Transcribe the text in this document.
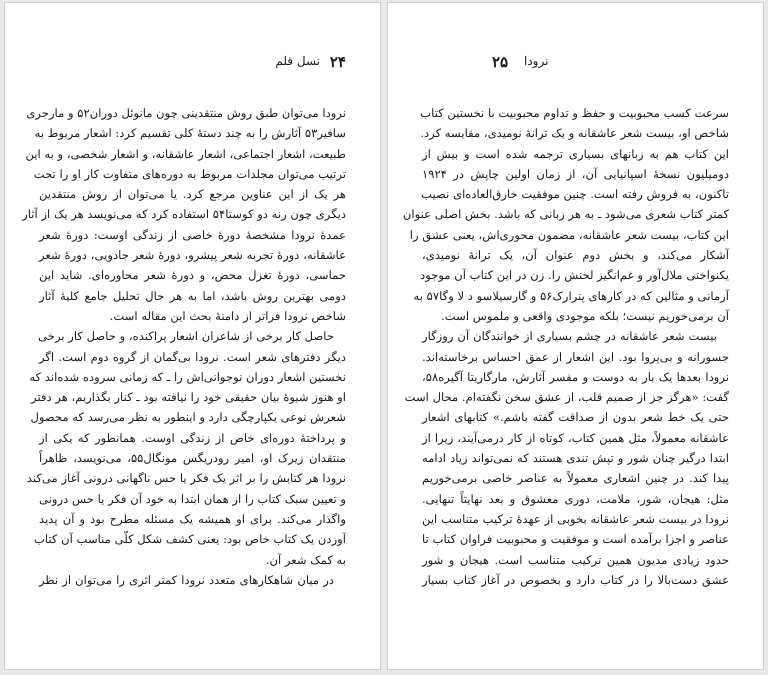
۲۴
نسل قلم
نرودا می‌توان طبق روش منتقدینی چون مانوئل دوران۵۲ و مارجری
سافیر۵۳ آثارش را به چند دستهٔ کلی تقسیم کرد: اشعار مربوط به
طبیعت، اشعار اجتماعی، اشعار عاشقانه، و اشعار شخصی، و به این
ترتیب می‌توان مجلدات مربوط به دوره‌های متفاوت کار او را تحت
هر یک از این عناوین مرجع کرد. یا می‌توان از روش منتقدین
دیگری چون رنه دو کوستا۵۴ استفاده کرد که می‌نویسد هر یک از آثار
عمدهٔ نرودا مشخصهٔ دورهٔ خاصی از زندگی اوست: دورهٔ شعر
عاشقانه، دورهٔ تجربه شعر پیشرو، دورهٔ شعر جادویی، دورهٔ شعر
حماسی، دورهٔ تغزل محض، و دورهٔ شعر محاوره‌ای. شاید این
دومی بهترین روش باشد، اما به هر حال تحلیل جامع کلیهٔ آثار
شاخص نرودا فراتر از دامنهٔ بحث این مقاله است.
حاصل کار برخی از شاعران اشعار پراکنده، و حاصل کار برخی
دیگر دفترهای شعر است. نرودا بی‌گمان از گروه دوم است. اگر
نخستین اشعار دوران نوجوانی‌اش را ـ که زمانی سروده شده‌اند که
او هنوز شیوهٔ بیان حقیقی خود را نیافته بود ـ کنار بگذاریم، هر دفتر
شعرش نوعی یکپارچگی دارد و اینطور به نظر می‌رسد که محصول
و پرداختهٔ دوره‌ای خاص از زندگی اوست. همانطور که یکی از
منتقدان زیرک او، امیر رودریگس مونگال۵۵، می‌نویسد، ظاهراً
نرودا هر کتابش را بر اثر یک فکر یا حس ناگهانی درونی آغاز می‌کند
و تعیین سبک کتاب را از همان ابتدا به خود آن فکر یا حس درونی
واگذار می‌کند. برای او همیشه یک مسئله مطرح بود و آن پدید
آوردن یک کتاب خاص بود: یعنی کشف شکل کلّی مناسب آن کتاب
به کمک شعر آن.
در میان شاهکارهای متعدد نرودا کمتر اثری را می‌توان از نظر
نرودا
۲۵
سرعت کسب محبوبیت و حفظ و تداوم محبوبیت با نخستین کتاب
شاخص او، بیست شعر عاشقانه و یک ترانهٔ نومیدی، مقایسه کرد.
این کتاب هم به زبانهای بسیاری ترجمه شده است و بیش از
دومیلیون نسخهٔ اسپانیایی آن، از زمان اولین چاپش در ۱۹۲۴
تاکنون، به فروش رفته است. چنین موفقیت خارق‌العاده‌ای نصیب
کمتر کتاب شعری می‌شود ـ به هر زبانی که باشد. بخش اصلی عنوان
این کتاب، بیست شعر عاشقانه، مضمون محوری‌اش، یعنی عشق را
آشکار می‌کند، و بخش دوم عنوان آن، یک ترانهٔ نومیدی،
یکنواختی ملال‌آور و غم‌انگیز لحنش را. زن در این کتاب آن موجود
آرمانی و مثالین که در کارهای پترارک۵۶ و گارسیلاسو د لا وگا۵۷ به
آن برمی‌خوریم نیست؛ بلکه موجودی واقعی و ملموس است.
بیست شعر عاشقانه در چشم بسیاری از خوانندگان آن روزگار
جسورانه و بی‌پروا بود. این اشعار از عمق احساس برخاسته‌اند.
نرودا بعدها یک بار به دوست و مفسر آثارش، مارگاریتا آگیره۵۸،
گفت: «هرگز جز از صمیم قلب، از عشق سخن نگفته‌ام. محال است
حتی یک خط شعر بدون از صداقت گفته باشم.» کتابهای اشعار
عاشقانه معمولاً، مثل همین کتاب، کوتاه از کار درمی‌آیند، زیرا از
ابتدا درگیر چنان شور و تپش تندی هستند که نمی‌تواند زیاد ادامه
پیدا کند. در چنین اشعاری معمولاً به عناصر خاصی برمی‌خوریم
مثل: هیجان، شور، ملامت، دوری معشوق و بعد نهایتاً تنهایی.
نرودا در بیست شعر عاشقانه بخوبی از عهدهٔ ترکیب متناسب این
عناصر و اجزا برآمده است و موفقیت و محبوبیت فراوان کتاب تا
حدود زیادی مدیون همین ترکیب متناسب است. هیجان و شور
عشق دست‌بالا را در کتاب دارد و بخصوص در آغاز کتاب بسیار
